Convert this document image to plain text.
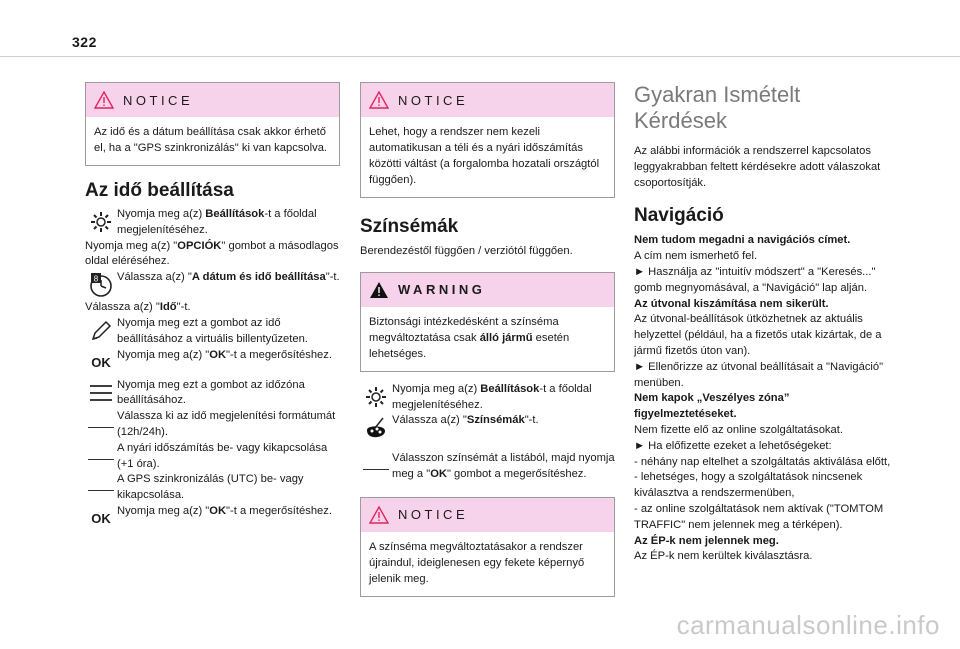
322
NOTICE
Az idő és a dátum beállítása csak akkor érhető el, ha a "GPS szinkronizálás" ki van kapcsolva.
Az idő beállítása

Nyomja meg a(z) Beállítások-t a főoldal megjelenítéséhez.

Nyomja meg a(z) "OPCIÓK" gombot a másodlagos oldal eléréséhez.

8 Válassza a(z) "A dátum és idő beállítása"-t.

Válassza a(z) "Idő"-t.

Nyomja meg ezt a gombot az idő beállításához a virtuális billentyűzeten.

OK

Nyomja meg a(z) "OK"-t a megerősítéshez.

Nyomja meg ezt a gombot az időzóna beállításához.

Válassza ki az idő megjelenítési formátumát (12h/24h).

A nyári időszámítás be- vagy kikapcsolása (+1 óra).

A GPS szinkronizálás (UTC) be- vagy kikapcsolása.

OK

Nyomja meg a(z) "OK"-t a megerősítéshez.

NOTICE
Lehet, hogy a rendszer nem kezeli automatikusan a téli és a nyári időszámítás közötti váltást (a forgalomba hozatali országtól függően).
Színsémák

Berendezéstől függően / verziótól függően.

WARNING
Biztonsági intézkedésként a színséma megváltoztatása csak álló jármű esetén lehetséges.

Nyomja meg a(z) Beállítások-t a főoldal megjelenítéséhez.

Válassza a(z) "Színsémák"-t.

Válasszon színsémát a listából, majd nyomja meg a "OK" gombot a megerősítéshez.

NOTICE
A színséma megváltoztatásakor a rendszer újraindul, ideiglenesen egy fekete képernyő jelenik meg.
Gyakran Ismételt Kérdések

Az alábbi információk a rendszerrel kapcsolatos leggyakrabban feltett kérdésekre adott válaszokat csoportosítják.

Navigáció

Nem tudom megadni a navigációs címet.

A cím nem ismerhető fel.

► Használja az "intuitív módszert" a "Keresés..." gomb megnyomásával, a "Navigáció" lap alján.

Az útvonal kiszámítása nem sikerült.

Az útvonal-beállítások ütközhetnek az aktuális helyzettel (például, ha a fizetős utak kizártak, de a jármű fizetős úton van).

► Ellenőrizze az útvonal beállításait a "Navigáció" menüben.

Nem kapok „Veszélyes zóna” figyelmeztetéseket.

Nem fizette elő az online szolgáltatásokat.

► Ha előfizette ezeket a lehetőségeket:

- néhány nap eltelhet a szolgáltatás aktiválása előtt,

- lehetséges, hogy a szolgáltatások nincsenek kiválasztva a rendszermenüben,

- az online szolgáltatások nem aktívak ("TOMTOM TRAFFIC" nem jelennek meg a térképen).

Az ÉP-k nem jelennek meg.

Az ÉP-k nem kerültek kiválasztásra.

carmanualsonline.info
